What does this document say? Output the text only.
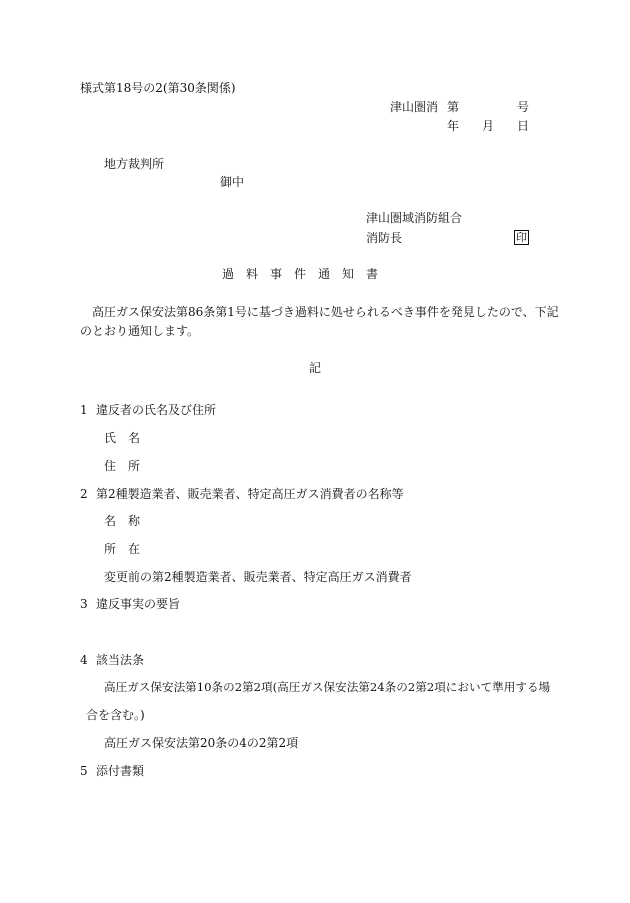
様式第18号の2(第30条関係)
津山圏消 第	号
年 月 日
地方裁判所
御中
津山圏域消防組合
消防長	印
過　料　事　件　通　知　書
高圧ガス保安法第86条第1号に基づき過料に処せられるべき事件を発見したので、下記
のとおり通知します。
記
1 違反者の氏名及び住所
氏　名
住　所
2 第2種製造業者、販売業者、特定高圧ガス消費者の名称等
名　称
所　在
変更前の第2種製造業者、販売業者、特定高圧ガス消費者
3 違反事実の要旨
4 該当法条
高圧ガス保安法第10条の2第2項(高圧ガス保安法第24条の2第2項において準用する場
合を含む。)
高圧ガス保安法第20条の4の2第2項
5 添付書類
